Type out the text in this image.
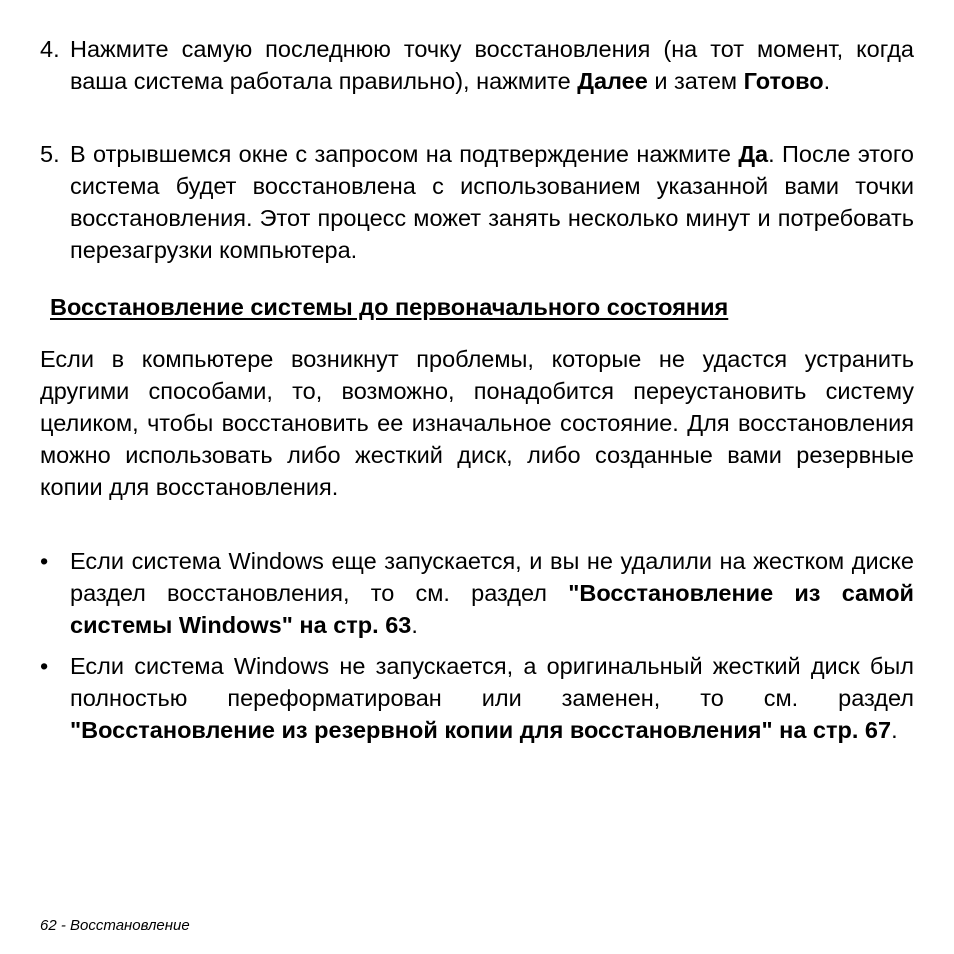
4. Нажмите самую последнюю точку восстановления (на тот момент, когда ваша система работала правильно), нажмите Далее и затем Готово.
5. В отрывшемся окне с запросом на подтверждение нажмите Да. После этого система будет восстановлена с использованием указанной вами точки восстановления. Этот процесс может занять несколько минут и потребовать перезагрузки компьютера.
Восстановление системы до первоначального состояния
Если в компьютере возникнут проблемы, которые не удастся устранить другими способами, то, возможно, понадобится переустановить систему целиком, чтобы восстановить ее изначальное состояние. Для восстановления можно использовать либо жесткий диск, либо созданные вами резервные копии для восстановления.
• Если система Windows еще запускается, и вы не удалили на жестком диске раздел восстановления, то см. раздел "Восстановление из самой системы Windows" на стр. 63.
• Если система Windows не запускается, а оригинальный жесткий диск был полностью переформатирован или заменен, то см. раздел "Восстановление из резервной копии для восстановления" на стр. 67.
62 - Восстановление
